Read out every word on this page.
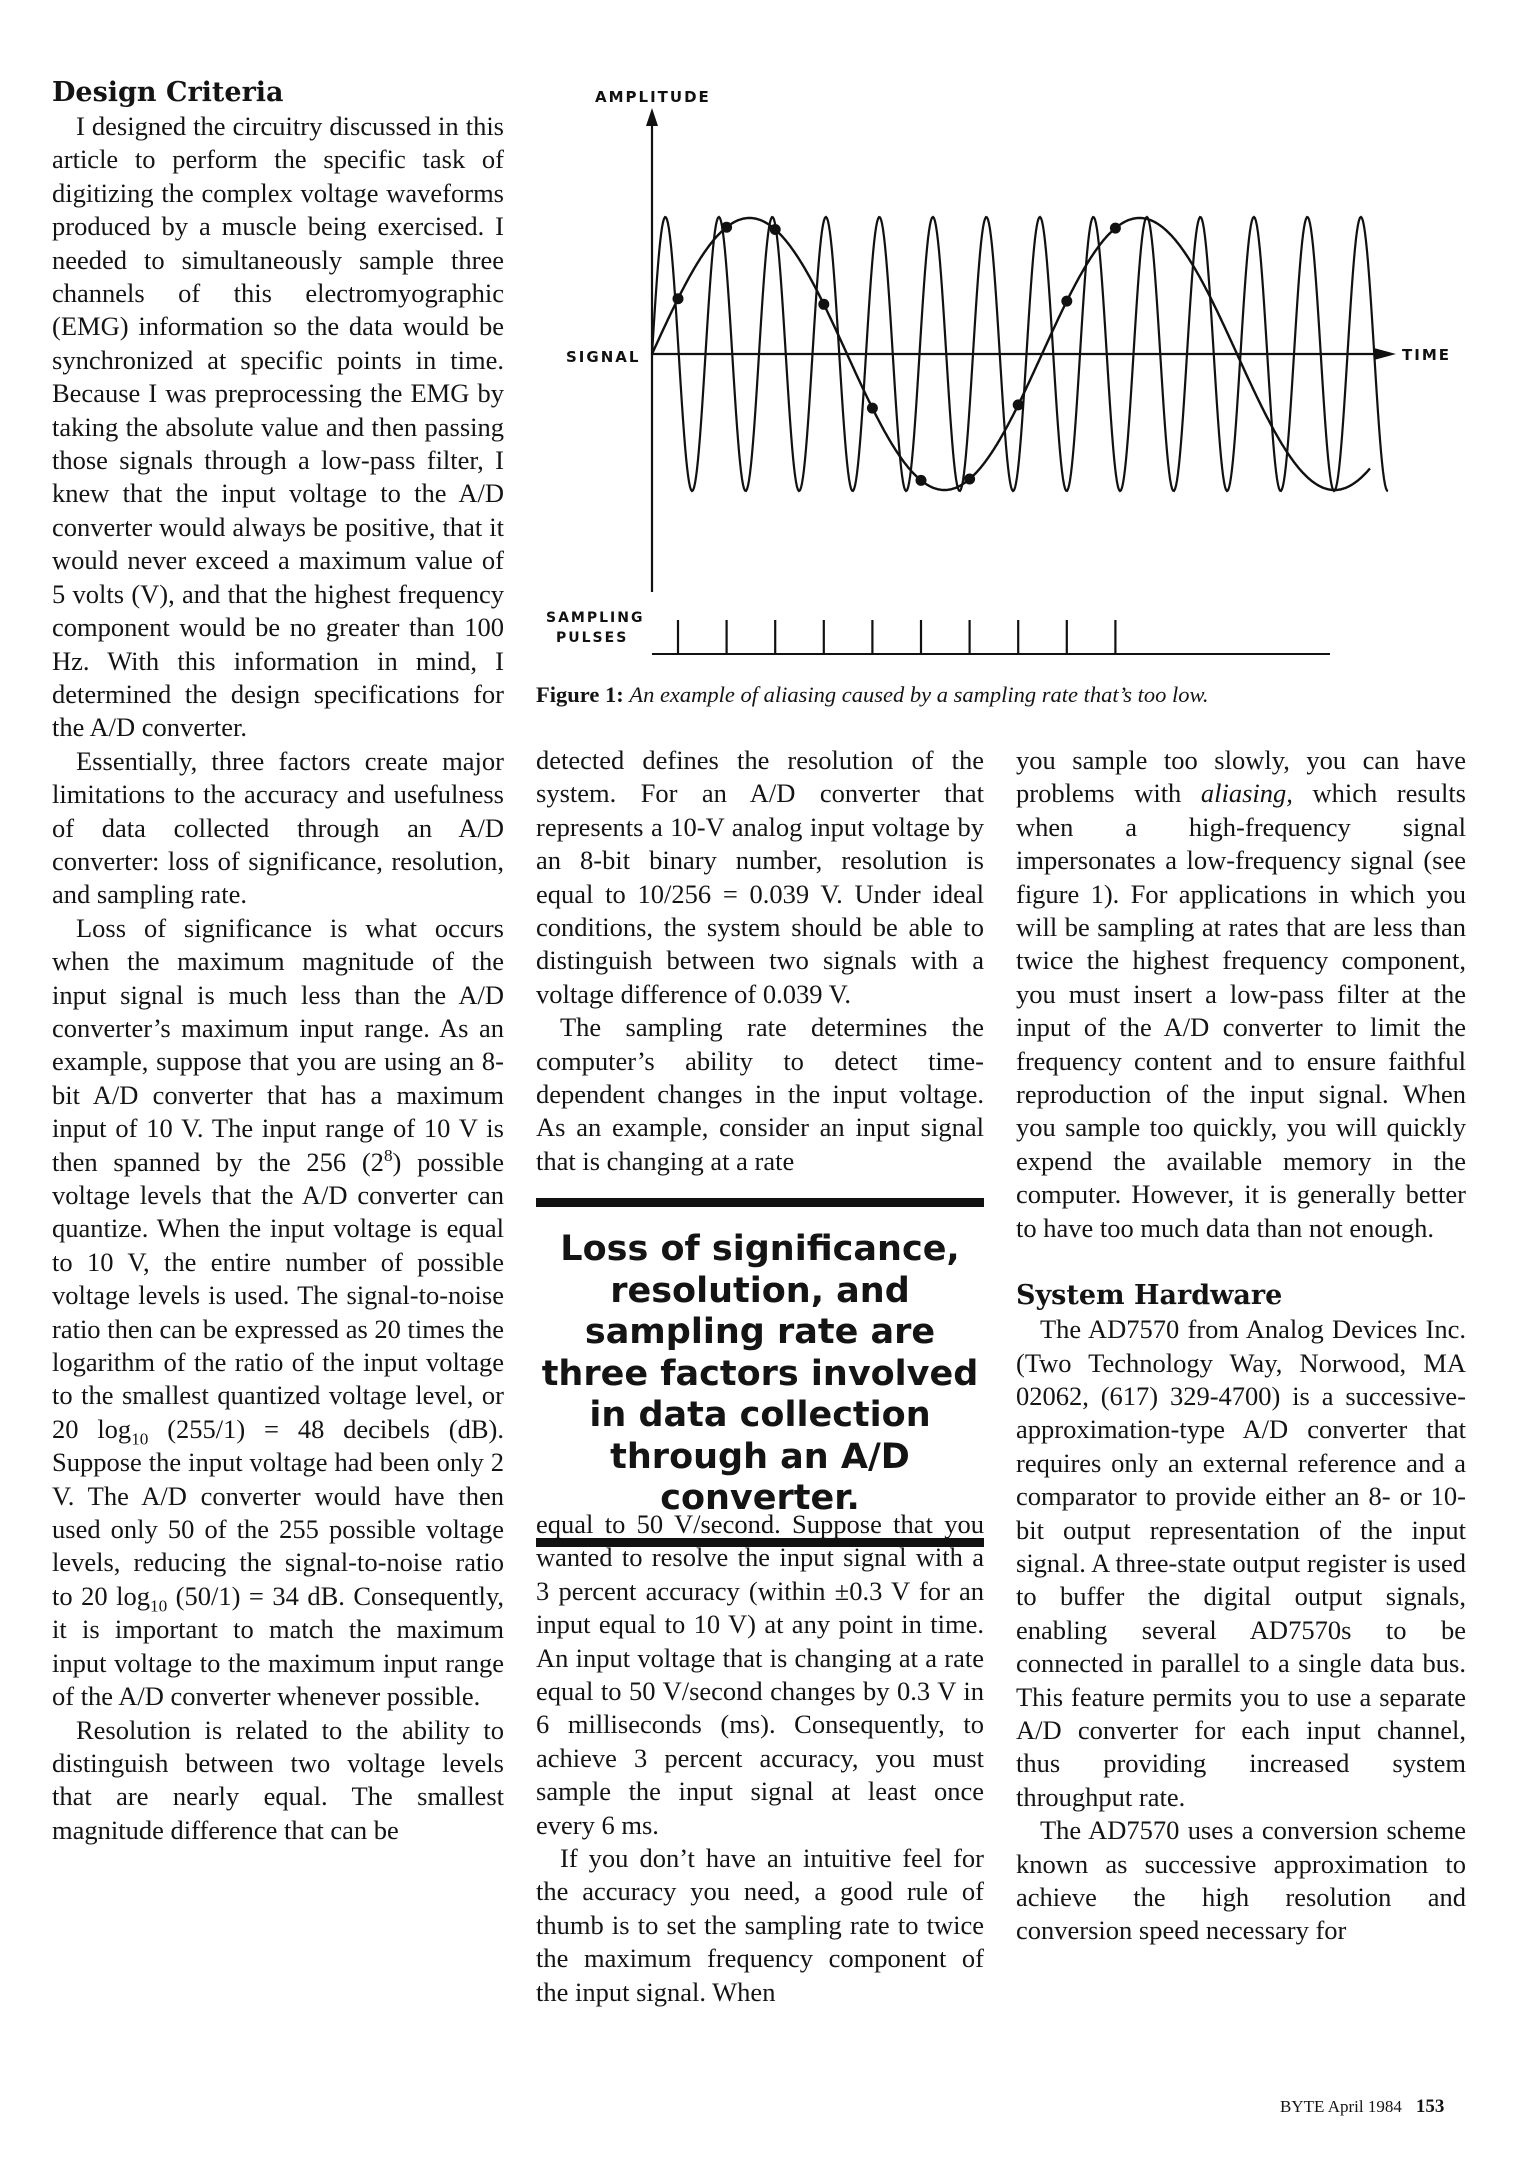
AMPLITUDE
SIGNAL	TIME
SAMPLING
PULSES
Figure 1: An example of aliasing caused by a sampling rate that’s too low.
Design Criteria

I designed the circuitry discussed in this article to perform the specific task of digitizing the complex voltage waveforms produced by a muscle being exercised. I needed to simultaneously sample three channels of this electromyographic (EMG) information so the data would be synchronized at specific points in time. Because I was preprocessing the EMG by taking the absolute value and then passing those signals through a low-pass filter, I knew that the input voltage to the A/D converter would always be positive, that it would never exceed a maximum value of 5 volts (V), and that the highest frequency component would be no greater than 100 Hz. With this information in mind, I determined the design specifications for the A/D converter.

Essentially, three factors create major limitations to the accuracy and usefulness of data collected through an A/D converter: loss of significance, resolution, and sampling rate.

Loss of significance is what occurs when the maximum magnitude of the input signal is much less than the A/D converter’s maximum input range. As an example, suppose that you are using an 8-bit A/D converter that has a maximum input of 10 V. The input range of 10 V is then spanned by the 256 $(2^8)$ possible voltage levels that the A/D converter can quantize. When the input voltage is equal to 10 V, the entire number of possible voltage levels is used. The signal-to-noise ratio then can be expressed as 20 times the logarithm of the ratio of the input voltage to the smallest quantized voltage level, or 20 $\log_{10} (255/1) = 48$ decibels (dB). Suppose the input voltage had been only 2 V. The A/D converter would have then used only 50 of the 255 possible voltage levels, reducing the signal-to-noise ratio to 20 $\log_{10} (50/1) = 34$ dB. Consequently, it is important to match the maximum input voltage to the maximum input range of the A/D converter whenever possible.

Resolution is related to the ability to distinguish between two voltage levels that are nearly equal. The smallest magnitude difference that can be

detected defines the resolution of the system. For an A/D converter that represents a 10-V analog input voltage by an 8-bit binary number, resolution is equal to 10/256 = 0.039 V. Under ideal conditions, the system should be able to distinguish between two signals with a voltage difference of 0.039 V.

The sampling rate determines the computer’s ability to detect time-dependent changes in the input voltage. As an example, consider an input signal that is changing at a rate

Loss of significance, resolution, and sampling rate are three factors involved in data collection through an A/D converter.

equal to 50 V/second. Suppose that you wanted to resolve the input signal with a 3 percent accuracy (within ±0.3 V for an input equal to 10 V) at any point in time. An input voltage that is changing at a rate equal to 50 V/second changes by 0.3 V in 6 milliseconds (ms). Consequently, to achieve 3 percent accuracy, you must sample the input signal at least once every 6 ms.

If you don’t have an intuitive feel for the accuracy you need, a good rule of thumb is to set the sampling rate to twice the maximum frequency component of the input signal. When

you sample too slowly, you can have problems with aliasing, which results when a high-frequency signal impersonates a low-frequency signal (see figure 1). For applications in which you will be sampling at rates that are less than twice the highest frequency component, you must insert a low-pass filter at the input of the A/D converter to limit the frequency content and to ensure faithful reproduction of the input signal. When you sample too quickly, you will quickly expend the available memory in the computer. However, it is generally better to have too much data than not enough.

System Hardware

The AD7570 from Analog Devices Inc. (Two Technology Way, Norwood, MA 02062, (617) 329-4700) is a successive-approximation-type A/D converter that requires only an external reference and a comparator to provide either an 8- or 10-bit output representation of the input signal. A three-state output register is used to buffer the digital output signals, enabling several AD7570s to be connected in parallel to a single data bus. This feature permits you to use a separate A/D converter for each input channel, thus providing increased system throughput rate.

The AD7570 uses a conversion scheme known as successive approximation to achieve the high resolution and conversion speed necessary for

BYTE April 1984 153
